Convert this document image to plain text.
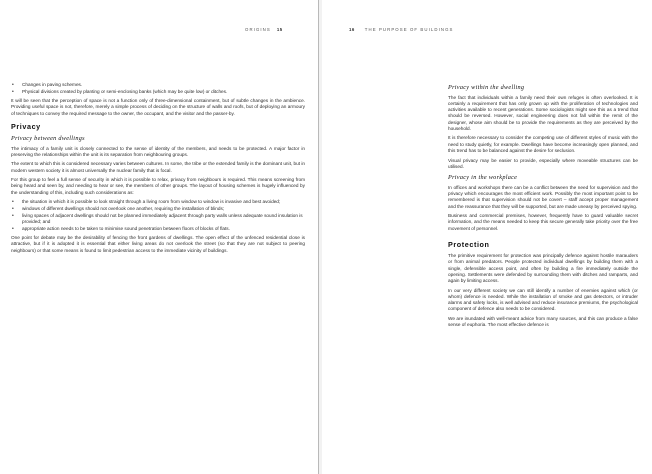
ORIGINS 15
• Changes in paving schemes.
• Physical divisions created by planting or semi-enclosing banks (which may be quite low) or ditches.

It will be seen that the perception of space is not a function only of three-dimensional containment, but of subtle changes in the ambience. Providing useful space is not, therefore, merely a simple process of deciding on the structure of walls and roofs, but of deploying an armoury of techniques to convey the required message to the owner, the occupant, and the visitor and the passer-by.

Privacy
Privacy between dwellings

The intimacy of a family unit is closely connected to the sense of identity of the members, and needs to be protected. A major factor in preserving the relationships within the unit is its separation from neighbouring groups.

The extent to which this is considered necessary varies between cultures. In some, the tribe or the extended family is the dominant unit, but in modern western society it is almost universally the nuclear family that is focal.

For this group to feel a full sense of security in which it is possible to relax, privacy from neighbours is required. This means screening from being heard and seen by, and needing to hear or see, the members of other groups. The layout of housing schemes is hugely influenced by the understanding of this, including such considerations as:

• the situation in which it is possible to look straight through a living room from window to window is invasive and best avoided;
• windows of different dwellings should not overlook one another, requiring the installation of blinds;
• living spaces of adjacent dwellings should not be planned immediately adjacent through party walls unless adequate sound insulation is provided; and
• appropriate action needs to be taken to minimise sound penetration between floors of blocks of flats.

One point for debate may be the desirability of fencing the front gardens of dwellings. The open effect of the unfenced residential close is attractive, but if it is adopted it is essential that either living areas do not overlook the street (so that they are not subject to peering neighbours) or that some means is found to limit pedestrian access to the immediate vicinity of buildings.

16 THE PURPOSE OF BUILDINGS
Privacy within the dwelling

The fact that individuals within a family need their own refuges is often overlooked. It is certainly a requirement that has only grown up with the proliferation of technologies and activities available to recent generations. Some sociologists might see this as a trend that should be reversed. However, social engineering does not fall within the remit of the designer, whose aim should be to provide the requirements as they are perceived by the household.

It is therefore necessary to consider the competing use of different styles of music with the need to study quietly, for example. Dwellings have become increasingly open planned, and this trend has to be balanced against the desire for seclusion.

Visual privacy may be easier to provide, especially where moveable structures can be utilised.

Privacy in the workplace

In offices and workshops there can be a conflict between the need for supervision and the privacy which encourages the most efficient work. Possibly the most important point to be remembered is that supervision should not be covert – staff accept proper management and the reassurance that they will be supported, but are made uneasy by perceived spying.

Business and commercial premises, however, frequently have to guard valuable secret information, and the means needed to keep this secure generally take priority over the free movement of personnel.

Protection

The primitive requirement for protection was principally defence against hostile marauders or from animal predators. People protected individual dwellings by building them with a single, defensible access point, and often by building a fire immediately outside the opening. Settlements were defended by surrounding them with ditches and ramparts, and again by limiting access.

In our very different society we can still identify a number of enemies against which (or whom) defence is needed. While the installation of smoke and gas detectors, or intruder alarms and safety locks, is well advised and reduce insurance premiums, the psychological component of defence also needs to be considered.

We are inundated with well-meant advice from many sources, and this can produce a false sense of euphoria. The most effective defence is
